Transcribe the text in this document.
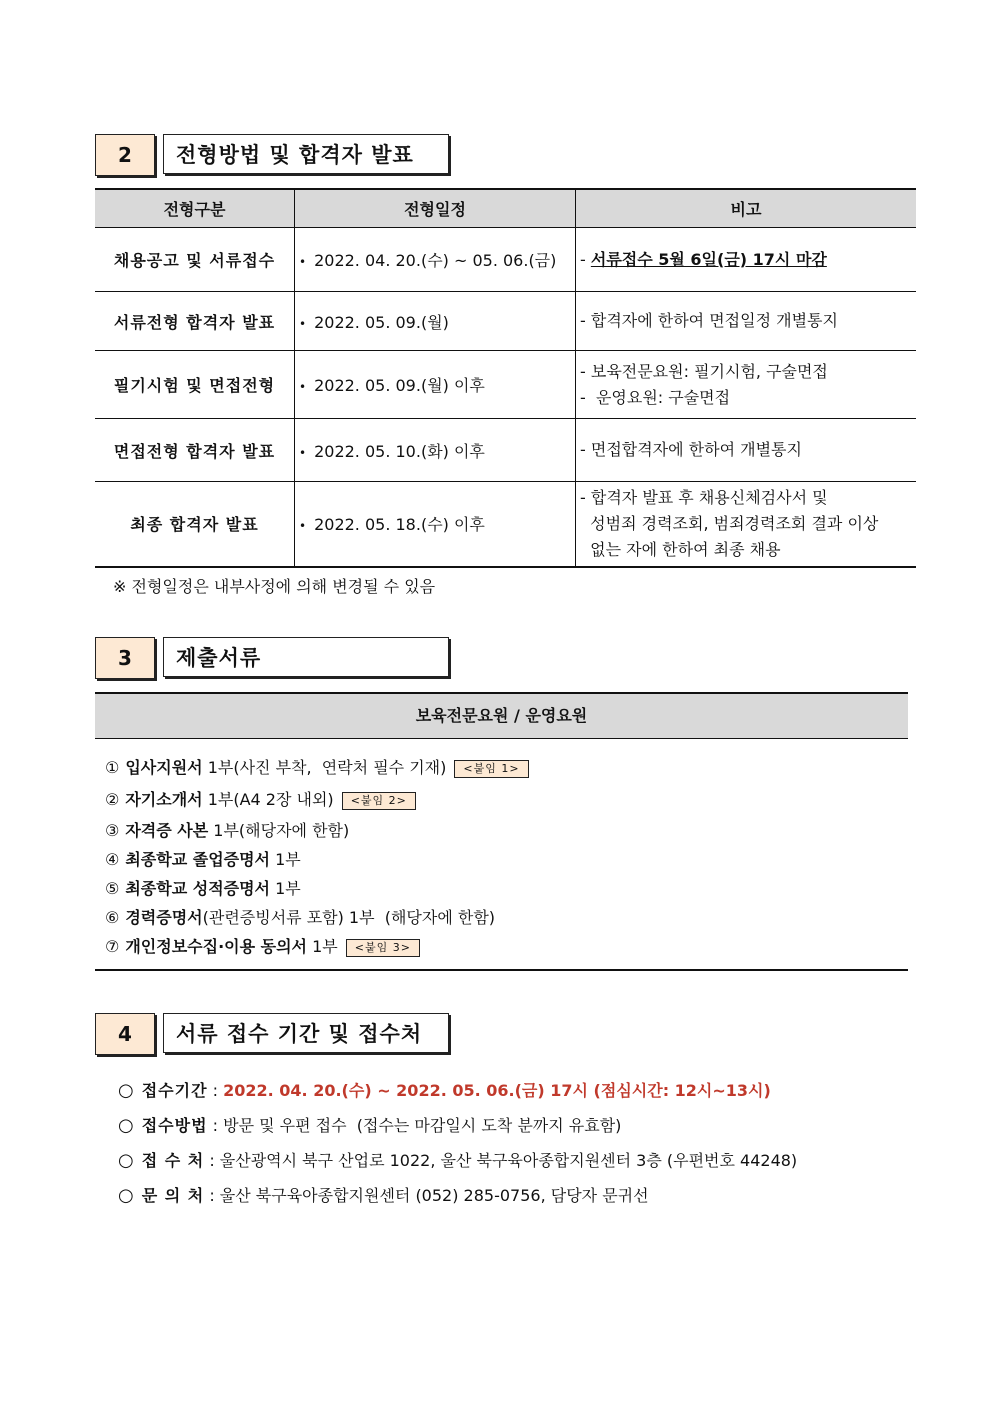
2	전형방법 및 합격자 발표
전형구분	전형일정	비고
채용공고 및 서류접수	• 2022. 04. 20.(수) ~ 05. 06.(금)	- 서류접수 5월 6일(금) 17시 마감

서류전형 합격자 발표	• 2022. 05. 09.(월)	- 합격자에 한하여 면접일정 개별통지

필기시험 및 면접전형	• 2022. 05. 09.(월) 이후	- 보육전문요원: 필기시험, 구술면접
-  운영요원: 구술면접

면접전형 합격자 발표	• 2022. 05. 10.(화) 이후	- 면접합격자에 한하여 개별통지

최종 합격자 발표	• 2022. 05. 18.(수) 이후	- 합격자 발표 후 채용신체검사서 및
성범죄 경력조회, 범죄경력조회 결과 이상
없는 자에 한하여 최종 채용
※ 전형일정은 내부사정에 의해 변경될 수 있음
3	제출서류
보육전문요원 / 운영요원
① 입사지원서 1부(사진 부착,  연락처 필수 기재) <붙임 1>
② 자기소개서 1부(A4 2장 내외) <붙임 2>
③ 자격증 사본 1부(해당자에 한함)
④ 최종학교 졸업증명서 1부
⑤ 최종학교 성적증명서 1부
⑥ 경력증명서(관련증빙서류 포함) 1부  (해당자에 한함)
⑦ 개인정보수집·이용 동의서 1부 <붙임 3>
4	서류 접수 기간 및 접수처
○ 접수기간 : 2022. 04. 20.(수) ~ 2022. 05. 06.(금) 17시 (점심시간: 12시~13시)
○ 접수방법 : 방문 및 우편 접수  (접수는 마감일시 도착 분까지 유효함)
○ 접 수 처 : 울산광역시 북구 산업로 1022, 울산 북구육아종합지원센터 3층 (우편번호 44248)
○ 문 의 처 : 울산 북구육아종합지원센터 (052) 285-0756, 담당자 문귀선
